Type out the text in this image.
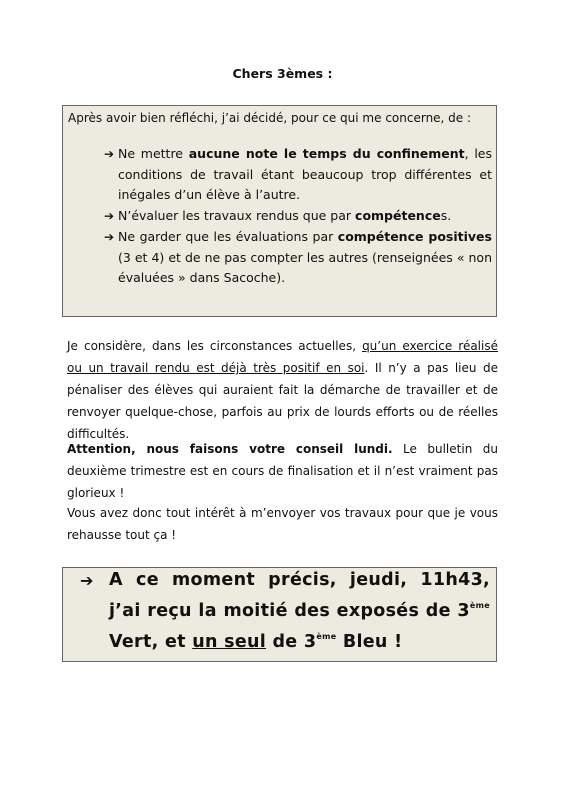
Chers 3èmes :
Après avoir bien réfléchi, j’ai décidé, pour ce qui me concerne, de :
➔ Ne mettre aucune note le temps du confinement, les conditions de travail étant beaucoup trop différentes et inégales d’un élève à l’autre.
➔ N’évaluer les travaux rendus que par compétences.
➔ Ne garder que les évaluations par compétence positives (3 et 4) et de ne pas compter les autres (renseignées « non évaluées » dans Sacoche).
Je considère, dans les circonstances actuelles, qu’un exercice réalisé ou un travail rendu est déjà très positif en soi. Il n’y a pas lieu de pénaliser des élèves qui auraient fait la démarche de travailler et de renvoyer quelque-chose, parfois au prix de lourds efforts ou de réelles difficultés.
Attention, nous faisons votre conseil lundi. Le bulletin du deuxième trimestre est en cours de finalisation et il n’est vraiment pas glorieux !
Vous avez donc tout intérêt à m’envoyer vos travaux pour que je vous rehausse tout ça !
➔ A ce moment précis, jeudi, 11h43, j’ai reçu la moitié des exposés de 3ème Vert, et un seul de 3ème Bleu !
